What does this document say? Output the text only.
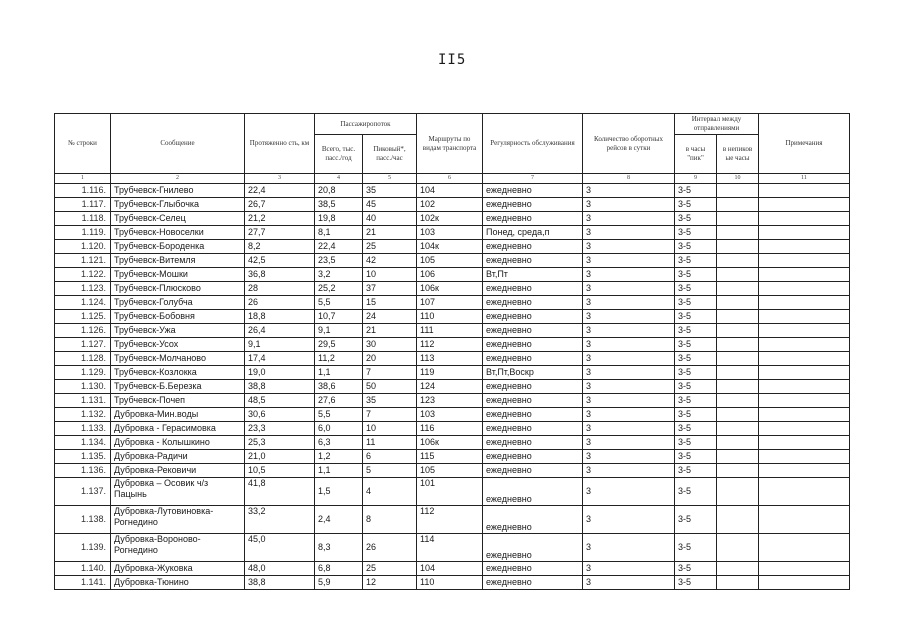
II5
№ строки	Сообщение	Протяженно сть, км	Пассажиропоток		Маршруты по видам транспорта	Регулярность обслуживания	Количество оборотных рейсов в сутки	Интервал между отправлениями		Примечания
			Всего, тыс. пасс./год	Пиковый*, пасс./час				в часы "пик"	в непиков ые часы	
1	2	3	4	5	6	7	8	9	10	11
1.116.	Трубчевск-Гнилево	22,4	20,8	35	104	ежедневно	3	3-5		
1.117.	Трубчевск-Глыбочка	26,7	38,5	45	102	ежедневно	3	3-5		
1.118.	Трубчевск-Селец	21,2	19,8	40	102к	ежедневно	3	3-5		
1.119.	Трубчевск-Новоселки	27,7	8,1	21	103	Понед, среда,п	3	3-5		
1.120.	Трубчевск-Бороденка	8,2	22,4	25	104к	ежедневно	3	3-5		
1.121.	Трубчевск-Витемля	42,5	23,5	42	105	ежедневно	3	3-5		
1.122.	Трубчевск-Мошки	36,8	3,2	10	106	Вт,Пт	3	3-5		
1.123.	Трубчевск-Плюсково	28	25,2	37	106к	ежедневно	3	3-5		
1.124.	Трубчевск-Голубча	26	5,5	15	107	ежедневно	3	3-5		
1.125.	Трубчевск-Бобовня	18,8	10,7	24	110	ежедневно	3	3-5		
1.126.	Трубчевск-Ужа	26,4	9,1	21	111	ежедневно	3	3-5		
1.127.	Трубчевск-Усох	9,1	29,5	30	112	ежедневно	3	3-5		
1.128.	Трубчевск-Молчаново	17,4	11,2	20	113	ежедневно	3	3-5		
1.129.	Трубчевск-Козлокка	19,0	1,1	7	119	Вт,Пт,Воскр	3	3-5		
1.130.	Трубчевск-Б.Березка	38,8	38,6	50	124	ежедневно	3	3-5		
1.131.	Трубчевск-Почеп	48,5	27,6	35	123	ежедневно	3	3-5		
1.132.	Дубровка-Мин.воды	30,6	5,5	7	103	ежедневно	3	3-5		
1.133.	Дубровка - Герасимовка	23,3	6,0	10	116	ежедневно	3	3-5		
1.134.	Дубровка - Колышкино	25,3	6,3	11	106к	ежедневно	3	3-5		
1.135.	Дубровка-Радичи	21,0	1,2	6	115	ежедневно	3	3-5		
1.136.	Дубровка-Рековичи	10,5	1,1	5	105	ежедневно	3	3-5		
1.137.	Дубровка – Осовик ч/з Пацынь	41,8	1,5	4	101	ежедневно	3	3-5		
1.138.	Дубровка-Лутовиновка-Рогнедино	33,2	2,4	8	112	ежедневно	3	3-5		
1.139.	Дубровка-Вороново-Рогнедино	45,0	8,3	26	114	ежедневно	3	3-5		
1.140.	Дубровка-Жуковка	48,0	6,8	25	104	ежедневно	3	3-5		
1.141.	Дубровка-Тюнино	38,8	5,9	12	110	ежедневно	3	3-5		
